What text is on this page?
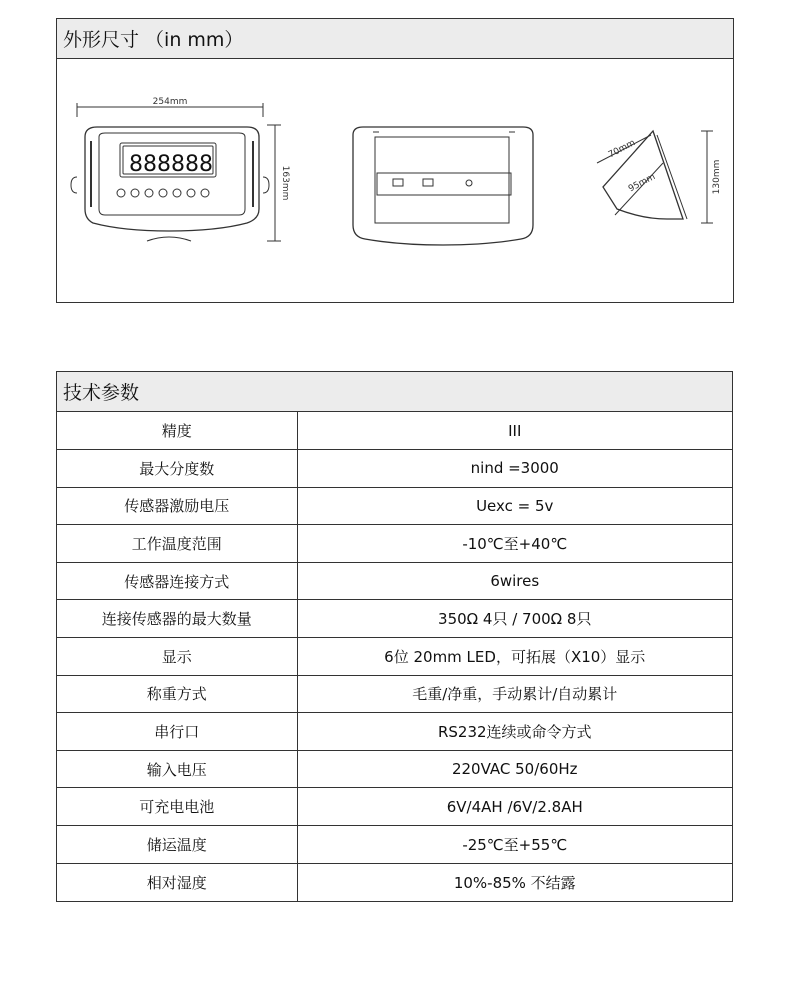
外形尺寸 （in mm）
888888
254mm
163mm
70mm
95mm	130mm
技术参数
精度	III
最大分度数	nind =3000
传感器激励电压	Uexc = 5v
工作温度范围	-10℃至+40℃
传感器连接方式	6wires
连接传感器的最大数量	350Ω 4只 / 700Ω 8只
显示	6位 20mm LED，可拓展（X10）显示
称重方式	毛重/净重，手动累计/自动累计
串行口	RS232连续或命令方式
输入电压	220VAC 50/60Hz
可充电电池	6V/4AH /6V/2.8AH
储运温度	-25℃至+55℃
相对湿度	10%-85% 不结露
